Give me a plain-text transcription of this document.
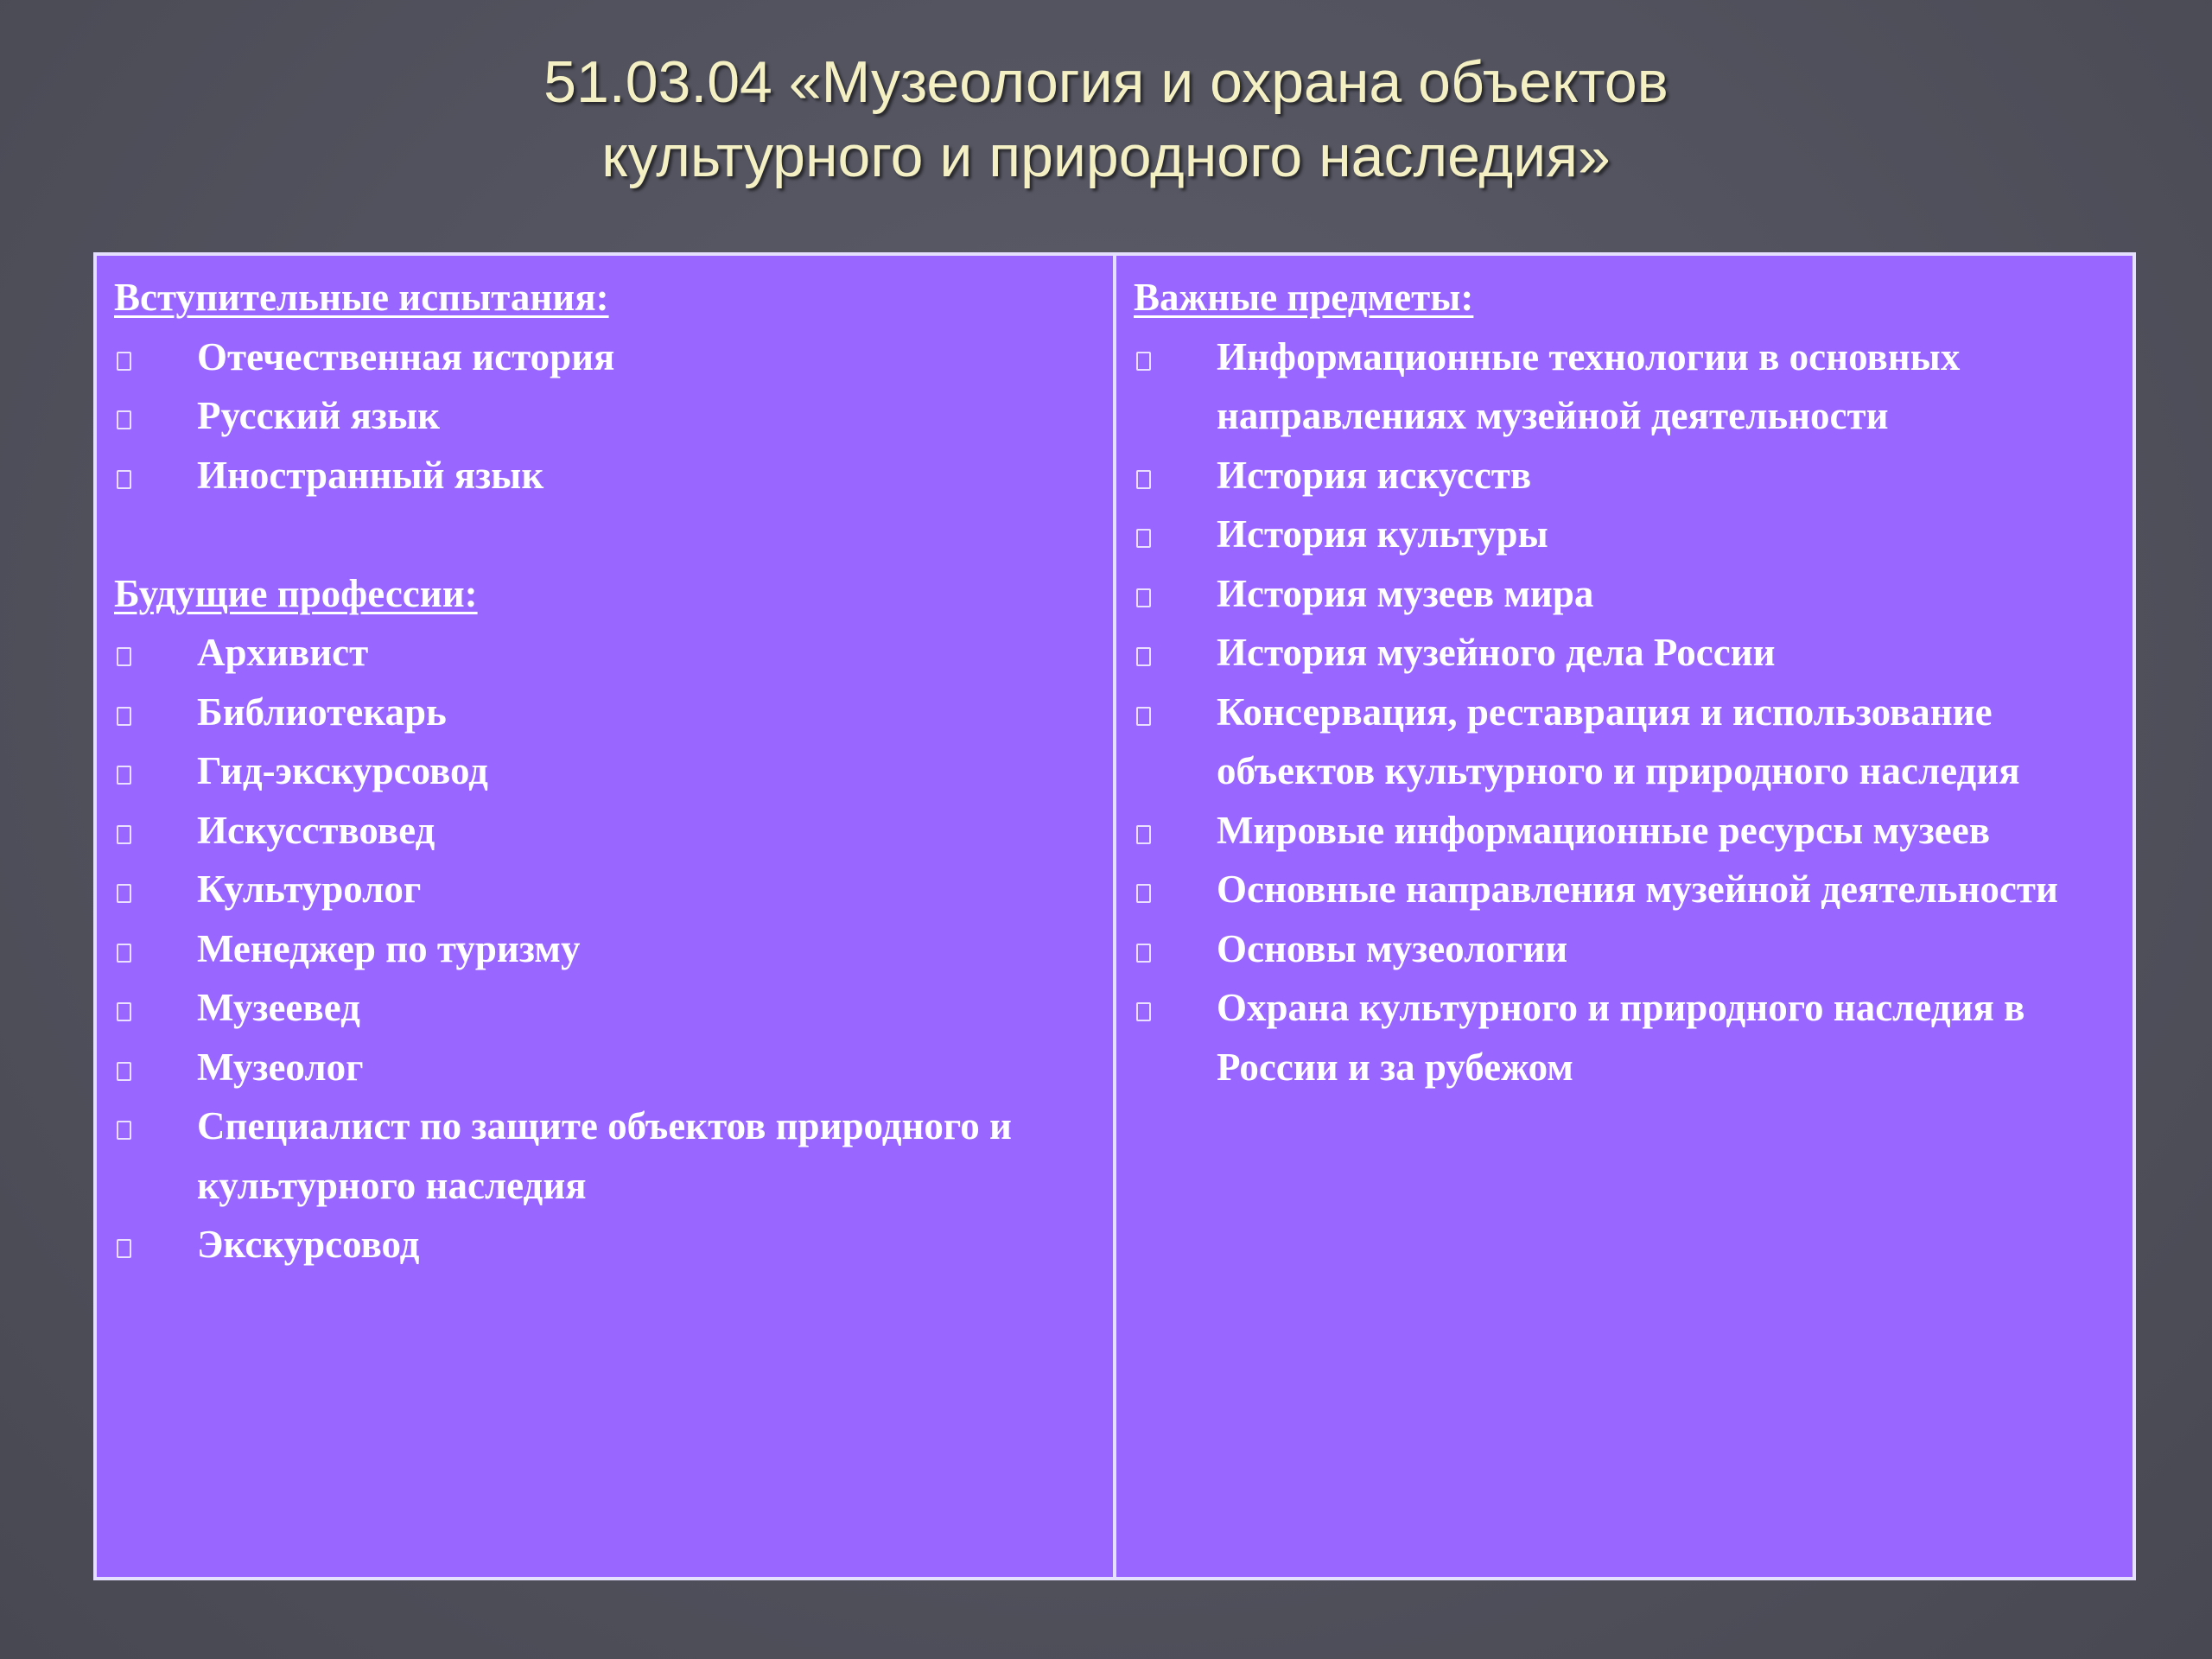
51.03.04 «Музеология и охрана объектов
культурного и природного наследия»

Вступительные испытания:

Отечественная история
Русский язык
Иностранный язык

Будущие профессии:

Архивист
Библиотекарь
Гид-экскурсовод
Искусствовед
Культуролог
Менеджер по туризму
Музеевед
Музеолог
Специалист по защите объектов природного и культурного наследия
Экскурсовод

Важные предметы:

Информационные технологии в основных направлениях музейной деятельности
История искусств
История культуры
История музеев мира
История музейного дела России
Консервация, реставрация и использование объектов культурного и природного наследия
Мировые информационные ресурсы музеев
Основные направления музейной деятельности
Основы музеологии
Охрана культурного и природного наследия в России и за рубежом
